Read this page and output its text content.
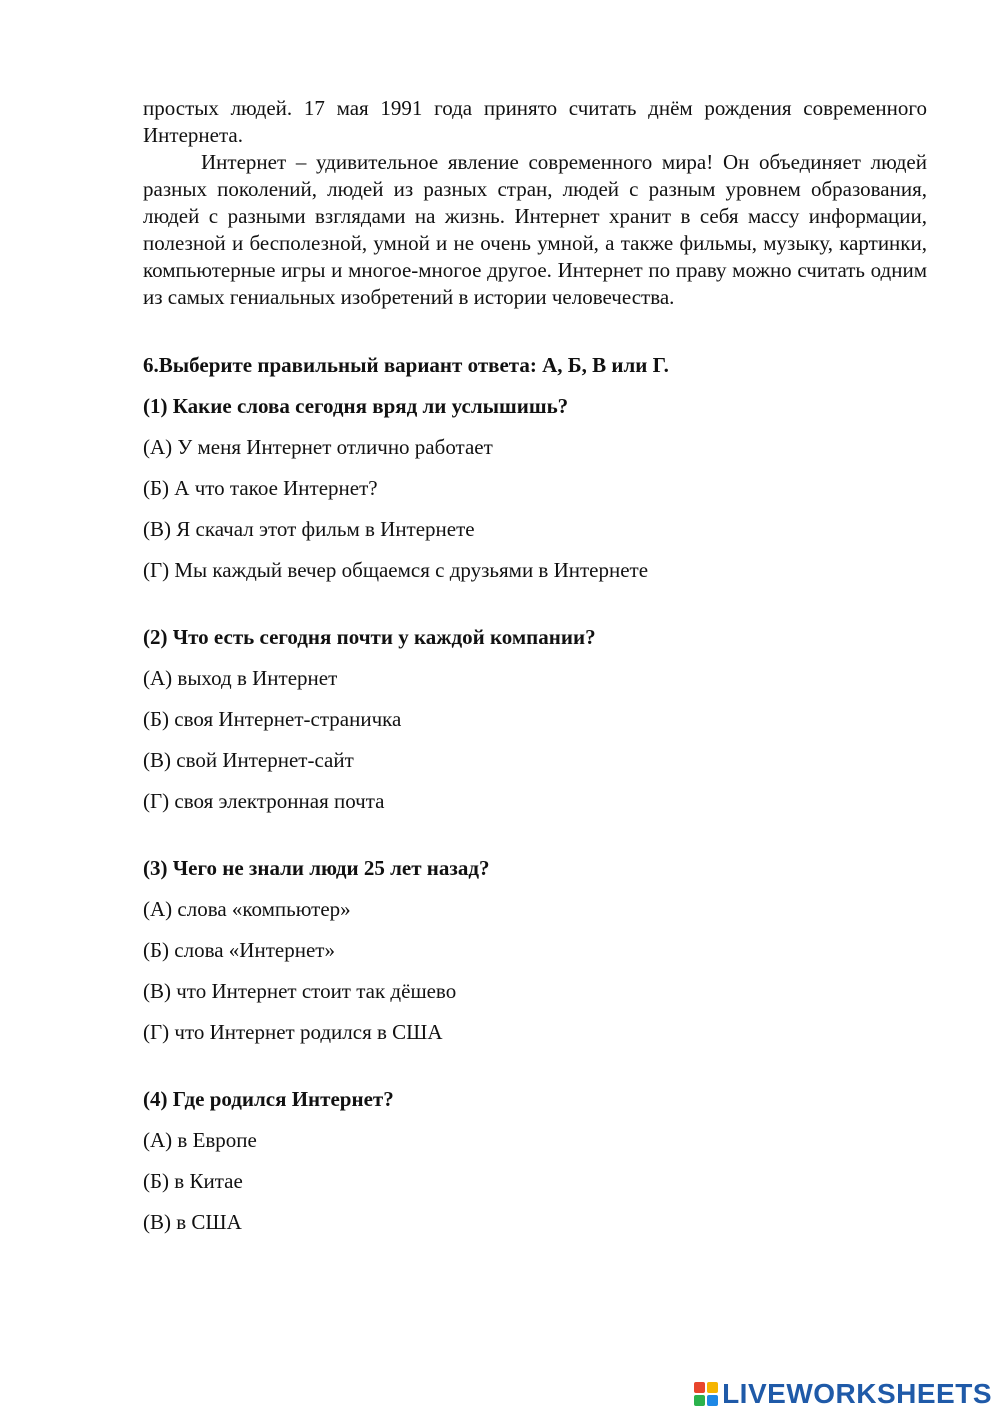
простых людей. 17 мая 1991 года принято считать днём рождения современного Интернета.

Интернет – удивительное явление современного мира! Он объединяет людей разных поколений, людей из разных стран, людей с разным уровнем образования, людей с разными взглядами на жизнь. Интернет хранит в себя массу информации, полезной и бесполезной, умной и не очень умной, а также фильмы, музыку, картинки, компьютерные игры и многое-многое другое. Интернет по праву можно считать одним из самых гениальных изобретений в истории человечества.

6.Выберите правильный вариант ответа: А, Б, В или Г.
(1) Какие слова сегодня вряд ли услышишь?
(А) У меня Интернет отлично работает
(Б) А что такое Интернет?
(В) Я скачал этот фильм в Интернете
(Г) Мы каждый вечер общаемся с друзьями в Интернете
(2) Что есть сегодня почти у каждой компании?
(А) выход в Интернет
(Б) своя Интернет-страничка
(В) свой Интернет-сайт
(Г) своя электронная почта
(3) Чего не знали люди 25 лет назад?
(А) слова «компьютер»
(Б) слова «Интернет»
(В) что Интернет стоит так дёшево
(Г) что Интернет родился в США
(4) Где родился Интернет?
(А) в Европе
(Б) в Китае
(В) в США
LIVEWORKSHEETS
